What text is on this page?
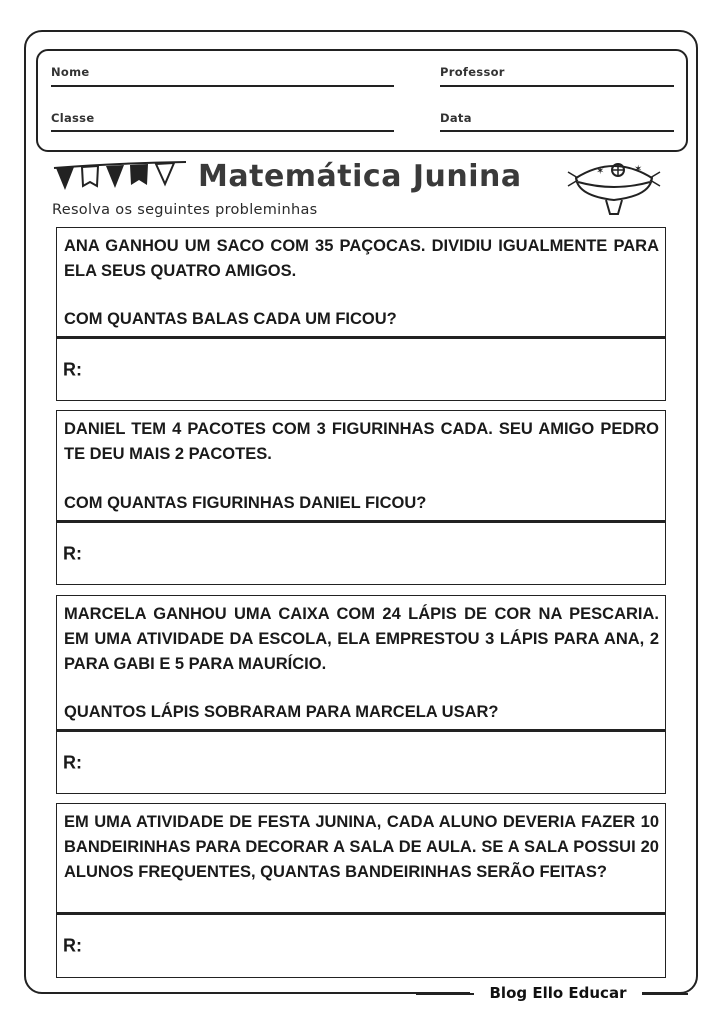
Nome	Professor
Classe	Data
Matemática Junina
Resolva os seguintes probleminhas
✶	✶
ANA GANHOU UM SACO COM 35 PAÇOCAS. DIVIDIU IGUALMENTE PARA ELA SEUS QUATRO AMIGOS.
COM QUANTAS BALAS CADA UM FICOU?
R:
DANIEL TEM 4 PACOTES COM 3 FIGURINHAS CADA. SEU AMIGO PEDRO TE DEU MAIS 2 PACOTES.
COM QUANTAS FIGURINHAS DANIEL FICOU?
R:
MARCELA GANHOU UMA CAIXA COM 24 LÁPIS DE COR NA PESCARIA. EM UMA ATIVIDADE DA ESCOLA, ELA EMPRESTOU 3 LÁPIS PARA ANA, 2 PARA GABI E 5 PARA MAURÍCIO.
QUANTOS LÁPIS SOBRARAM PARA MARCELA USAR?
R:
EM UMA ATIVIDADE DE FESTA JUNINA, CADA ALUNO DEVERIA FAZER 10 BANDEIRINHAS PARA DECORAR A SALA DE AULA. SE A SALA POSSUI 20 ALUNOS FREQUENTES, QUANTAS BANDEIRINHAS SERÃO FEITAS?
R:
Blog Ello Educar
